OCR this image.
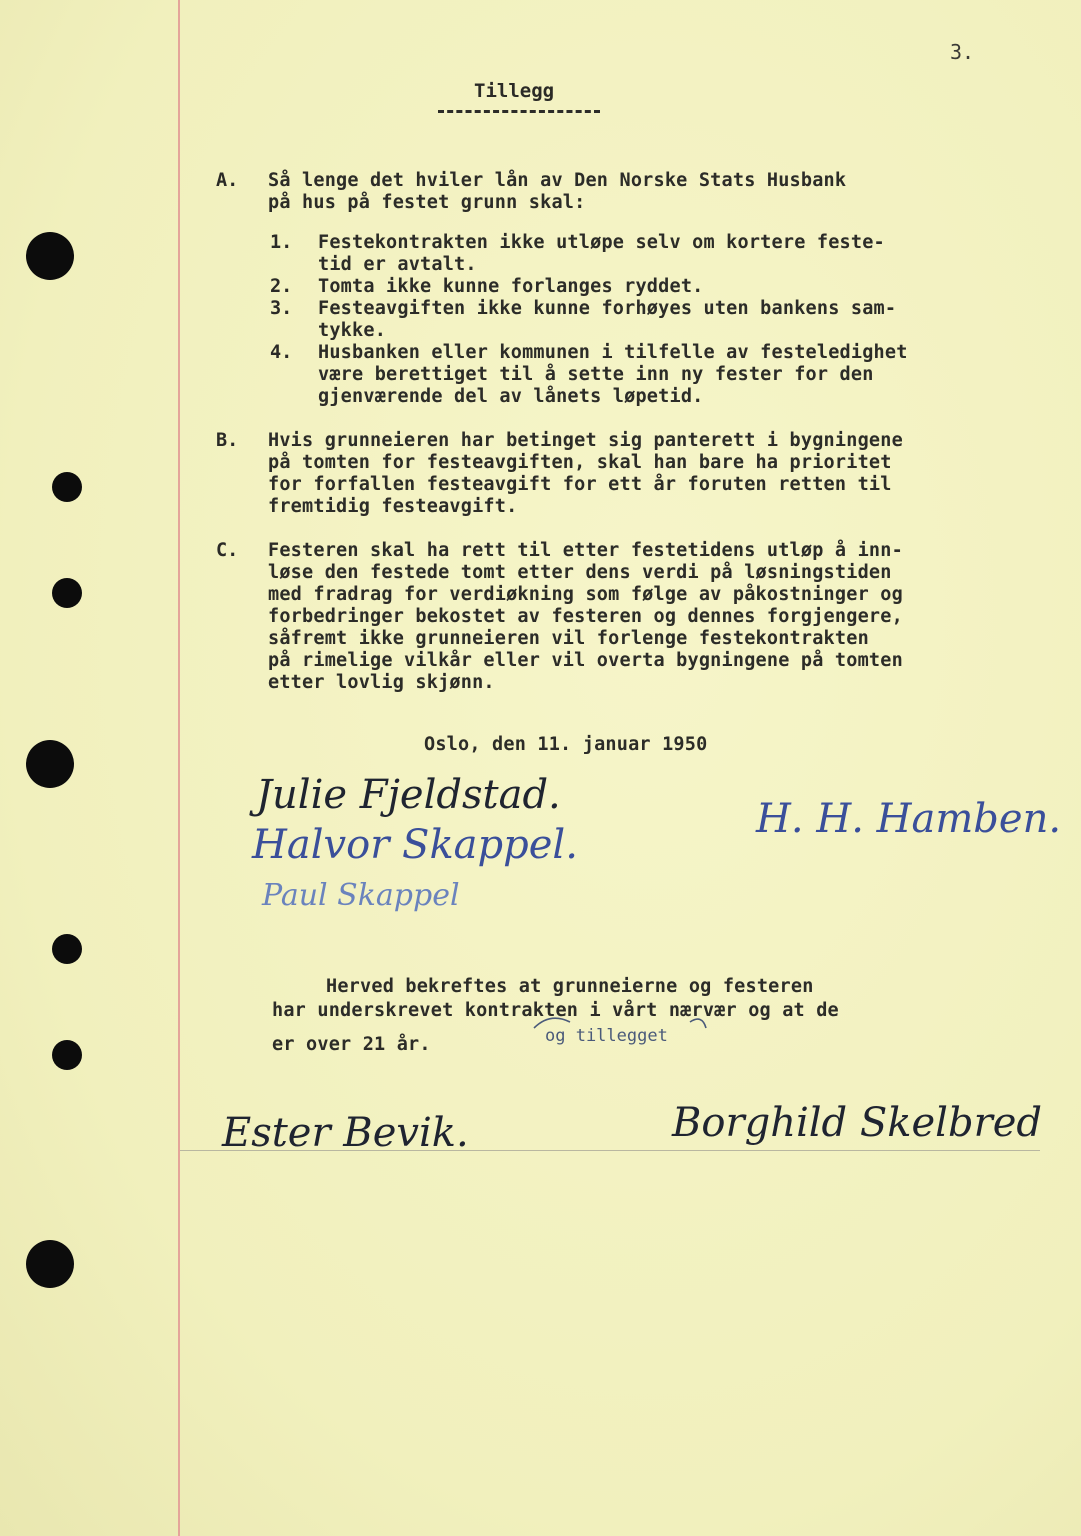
3.
Tillegg
A. Så lenge det hviler lån av Den Norske Stats Husbank
på hus på festet grunn skal:
1. Festekontrakten ikke utløpe selv om kortere feste-
tid er avtalt.
2. Tomta ikke kunne forlanges ryddet.
3. Festeavgiften ikke kunne forhøyes uten bankens sam-
tykke.
4. Husbanken eller kommunen i tilfelle av festeledighet
være berettiget til å sette inn ny fester for den
gjenværende del av lånets løpetid.
B. Hvis grunneieren har betinget sig panterett i bygningene
på tomten for festeavgiften, skal han bare ha prioritet
for forfallen festeavgift for ett år foruten retten til
fremtidig festeavgift.
C. Festeren skal ha rett til etter festetidens utløp å inn-
løse den festede tomt etter dens verdi på løsningstiden
med fradrag for verdiøkning som følge av påkostninger og
forbedringer bekostet av festeren og dennes forgjengere,
såfremt ikke grunneieren vil forlenge festekontrakten
på rimelige vilkår eller vil overta bygningene på tomten
etter lovlig skjønn.
Oslo, den 11. januar 1950
Julie Fjeldstad.
Halvor Skappel.
Paul Skappel
H. H. Hamben.
Herved bekreftes at grunneierne og festeren
har underskrevet kontrakten i vårt nærvær og at de
er over 21 år.	og tillegget
Ester Bevik.	Borghild Skelbred
